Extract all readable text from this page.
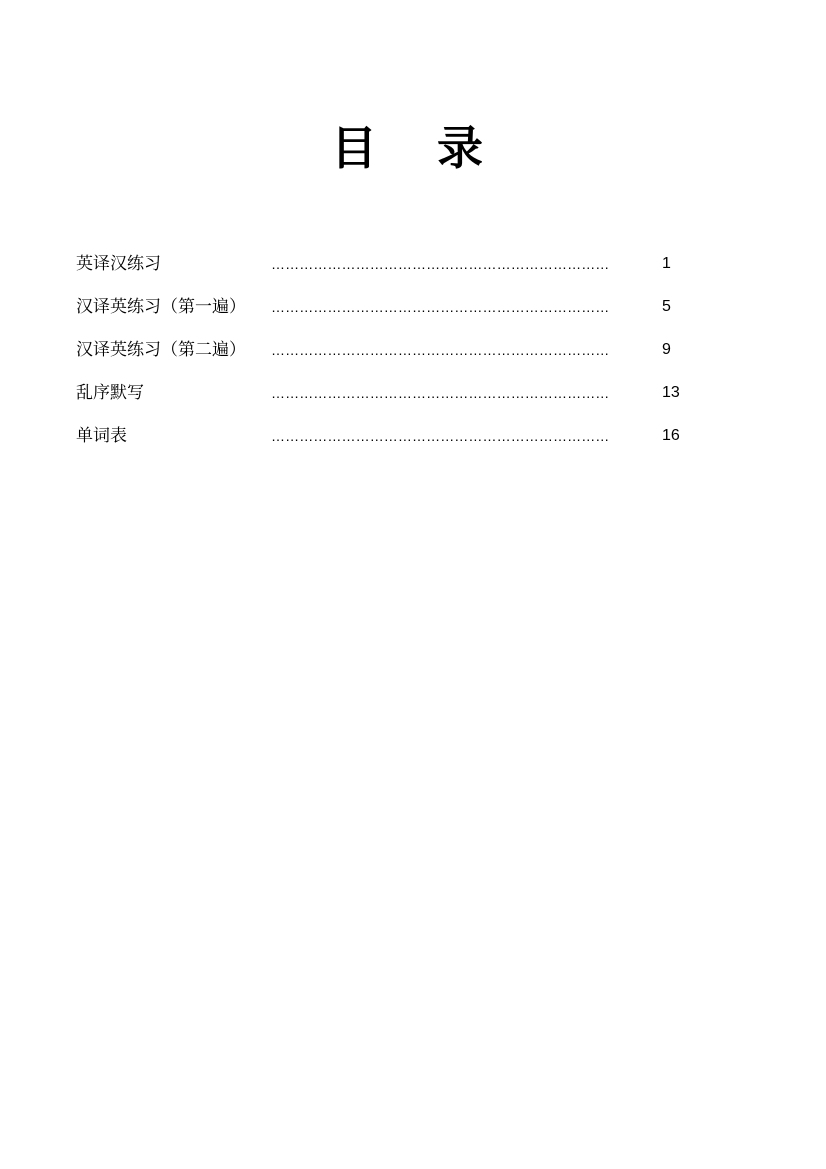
目 录
英译汉练习	………………………………………………………………	1
汉译英练习（第一遍） ………………………………………………………………	5
汉译英练习（第二遍） ………………………………………………………………	9
乱序默写	………………………………………………………………	13
单词表	………………………………………………………………	16
